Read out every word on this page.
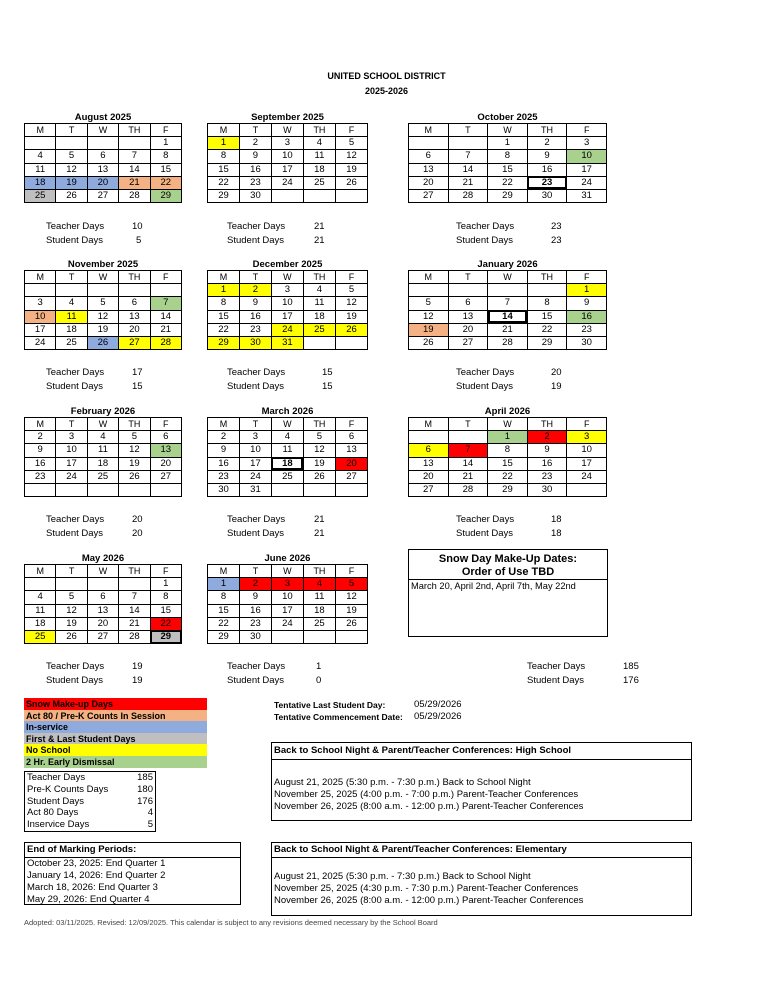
UNITED SCHOOL DISTRICT
2025-2026
August 2025
M	T	W	TH	F
				1
4	5	6	7	8
11	12	13	14	15
18	19	20	21	22
25	26	27	28	29
September 2025
M	T	W	TH	F
1	2	3	4	5
8	9	10	11	12
15	16	17	18	19
22	23	24	25	26
29	30			
October 2025
M	T	W	TH	F
		1	2	3
6	7	8	9	10
13	14	15	16	17
20	21	22	23	24
27	28	29	30	31
November 2025
M	T	W	TH	F

3	4	5	6	7
10	11	12	13	14
17	18	19	20	21
24	25	26	27	28
December 2025
M	T	W	TH	F
1	2	3	4	5
8	9	10	11	12
15	16	17	18	19
22	23	24	25	26
29	30	31		
January 2026
M	T	W	TH	F
				1
5	6	7	8	9
12	13	14	15	16
19	20	21	22	23
26	27	28	29	30
February 2026
M	T	W	TH	F
2	3	4	5	6
9	10	11	12	13
16	17	18	19	20
23	24	25	26	27

March 2026
M	T	W	TH	F
2	3	4	5	6
9	10	11	12	13
16	17	18	19	20
23	24	25	26	27
30	31			
April 2026
M	T	W	TH	F
		1	2	3
6	7	8	9	10
13	14	15	16	17
20	21	22	23	24
27	28	29	30	
May 2026
M	T	W	TH	F
				1
4	5	6	7	8
11	12	13	14	15
18	19	20	21	22
25	26	27	28	29
June 2026
M	T	W	TH	F
1	2	3	4	5
8	9	10	11	12
15	16	17	18	19
22	23	24	25	26
29	30			
Teacher Days	10
Student Days	5
Teacher Days	21
Student Days	21
Teacher Days	23
Student Days	23
Teacher Days	17
Student Days	15
Teacher Days	15
Student Days	15
Teacher Days	20
Student Days	19
Teacher Days	20
Student Days	20
Teacher Days	21
Student Days	21
Teacher Days	18
Student Days	18
Teacher Days	19
Student Days	19
Teacher Days	1
Student Days	0
Teacher Days	185
Student Days	176
Snow Day Make-Up Dates:
Order of Use TBD
March 20, April 2nd, April 7th, May 22nd
Snow Make-up Days
Act 80 / Pre-K Counts In Session
In-service
First & Last Student Days
No School
2 Hr. Early Dismissal
Teacher Days	185
Pre-K Counts Days	180
Student Days	176
Act 80 Days	4
Inservice Days	5
Tentative Last Student Day:	05/29/2026
Tentative Commencement Date: 05/29/2026
Back to School Night & Parent/Teacher Conferences: High School
August 21, 2025 (5:30 p.m. - 7:30 p.m.) Back to School Night
November 25, 2025 (4:00 p.m. - 7:00 p.m.) Parent-Teacher Conferences
November 26, 2025 (8:00 a.m. - 12:00 p.m.) Parent-Teacher Conferences
End of Marking Periods:
October 23, 2025: End Quarter 1
January 14, 2026: End Quarter 2
March 18, 2026: End Quarter 3
May 29, 2026: End Quarter 4
Back to School Night & Parent/Teacher Conferences: Elementary
August 21, 2025 (5:30 p.m. - 7:30 p.m.) Back to School Night
November 25, 2025 (4:30 p.m. - 7:30 p.m.) Parent-Teacher Conferences
November 26, 2025 (8:00 a.m. - 12:00 p.m.) Parent-Teacher Conferences
Adopted: 03/11/2025. Revised: 12/09/2025. This calendar is subject to any revisions deemed necessary by the School Board
